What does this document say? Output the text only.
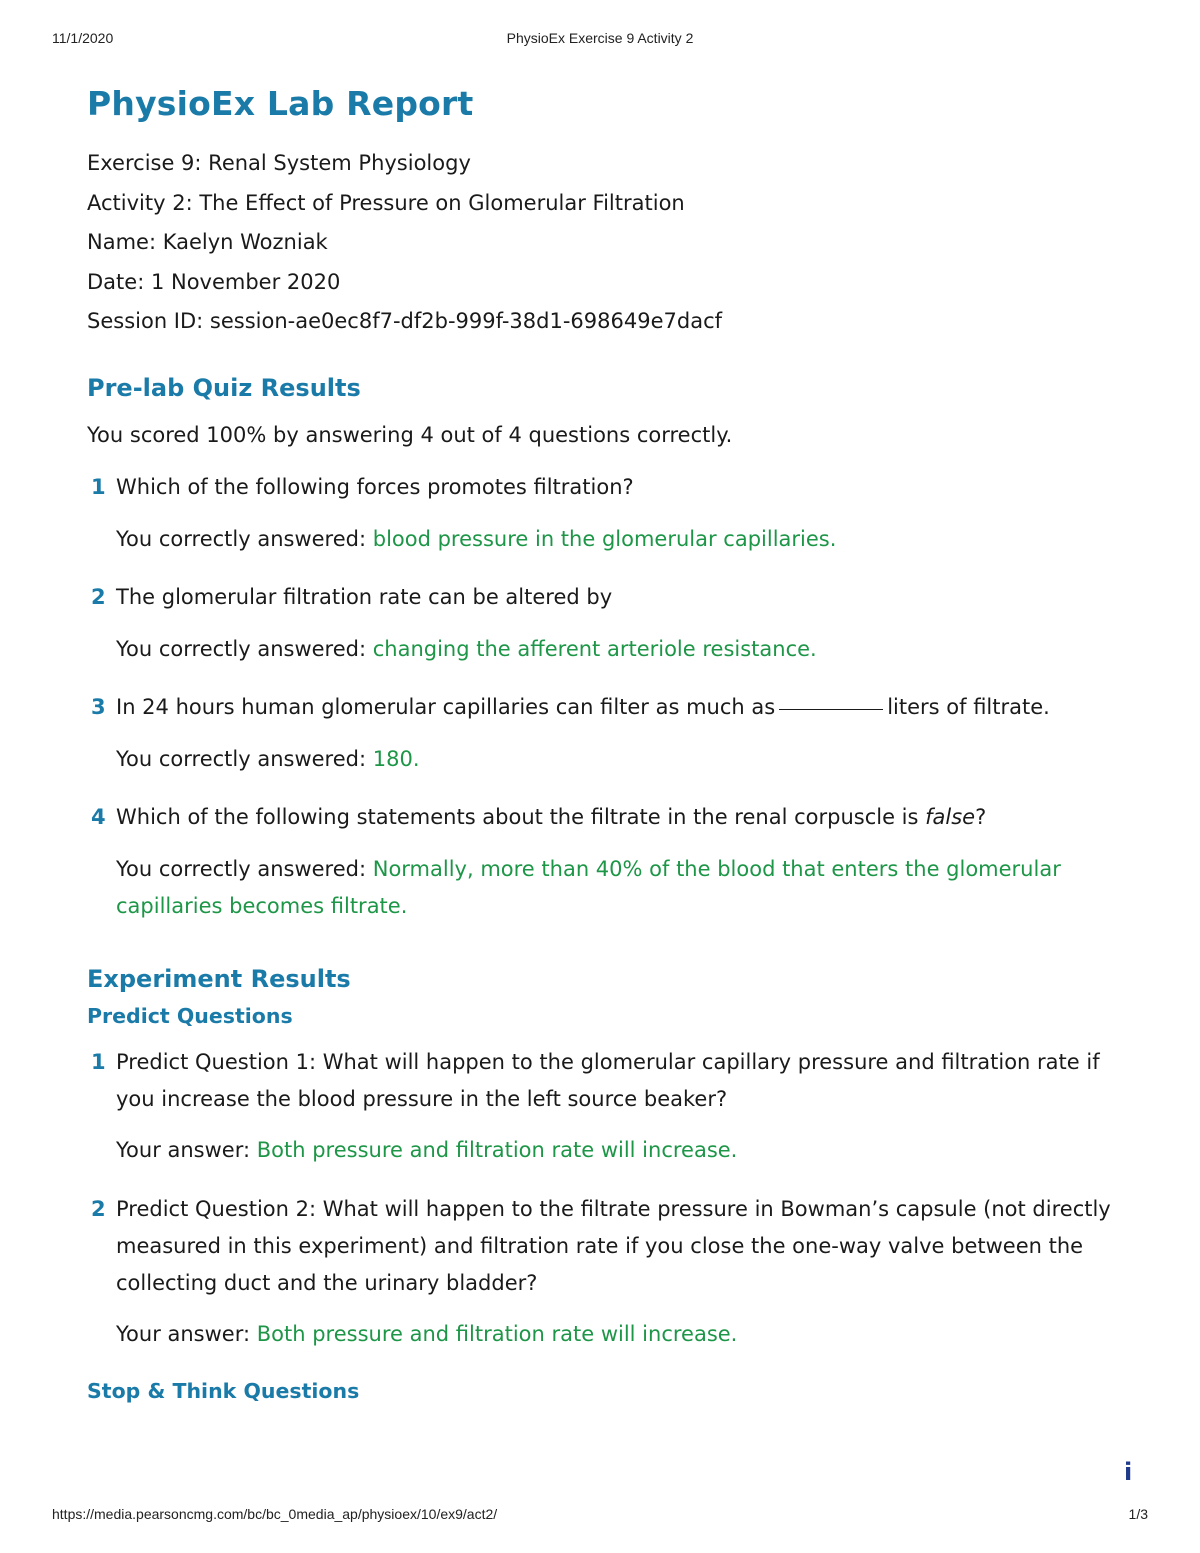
11/1/2020	PhysioEx Exercise 9 Activity 2
PhysioEx Lab Report

Exercise 9: Renal System Physiology

Activity 2: The Effect of Pressure on Glomerular Filtration

Name: Kaelyn Wozniak

Date: 1 November 2020

Session ID: session-ae0ec8f7-df2b-999f-38d1-698649e7dacf

Pre-lab Quiz Results

You scored 100% by answering 4 out of 4 questions correctly.

1 Which of the following forces promotes filtration?

You correctly answered: blood pressure in the glomerular capillaries.

2 The glomerular filtration rate can be altered by

You correctly answered: changing the afferent arteriole resistance.

3 In 24 hours human glomerular capillaries can filter as much as	liters of filtrate.

You correctly answered: 180.

4 Which of the following statements about the filtrate in the renal corpuscle is false?

You correctly answered: Normally, more than 40% of the blood that enters the glomerular capillaries becomes filtrate.

Experiment Results
Predict Questions
1 Predict Question 1: What will happen to the glomerular capillary pressure and filtration rate if you increase the blood pressure in the left source beaker?

Your answer: Both pressure and filtration rate will increase.

2 Predict Question 2: What will happen to the filtrate pressure in Bowman’s capsule (not directly measured in this experiment) and filtration rate if you close the one-way valve between the collecting duct and the urinary bladder?

Your answer: Both pressure and filtration rate will increase.

Stop & Think Questions
i
https://media.pearsoncmg.com/bc/bc_0media_ap/physioex/10/ex9/act2/	1/3
